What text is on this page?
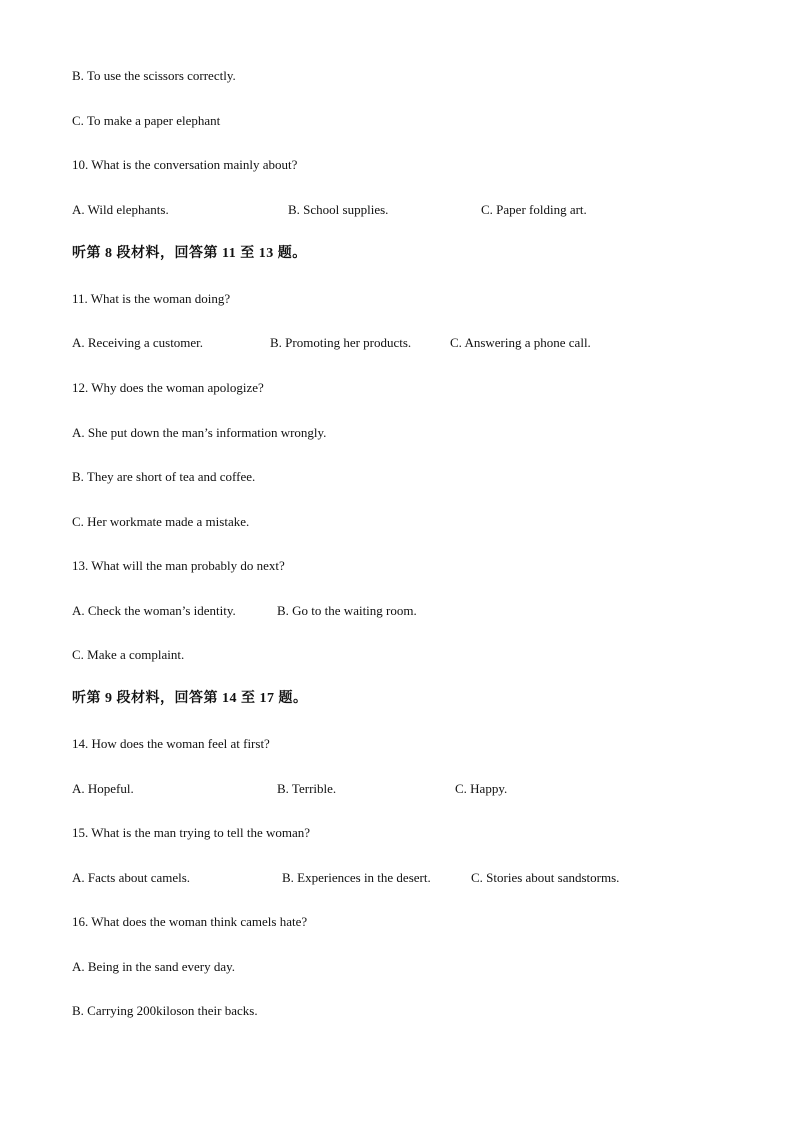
B. To use the scissors correctly.
C. To make a paper elephant
10. What is the conversation mainly about?
A. Wild elephants.	B. School supplies.	C. Paper folding art.
听第 8 段材料，回答第 11 至 13 题。
11. What is the woman doing?
A. Receiving a customer.	B. Promoting her products.	C. Answering a phone call.
12. Why does the woman apologize?
A. She put down the man’s information wrongly.
B. They are short of tea and coffee.
C. Her workmate made a mistake.
13. What will the man probably do next?
A. Check the woman’s identity.	B. Go to the waiting room.
C. Make a complaint.
听第 9 段材料，回答第 14 至 17 题。
14. How does the woman feel at first?
A. Hopeful.	B. Terrible.	C. Happy.
15. What is the man trying to tell the woman?
A. Facts about camels.	B. Experiences in the desert.	C. Stories about sandstorms.
16. What does the woman think camels hate?
A. Being in the sand every day.
B. Carrying 200kiloson their backs.
